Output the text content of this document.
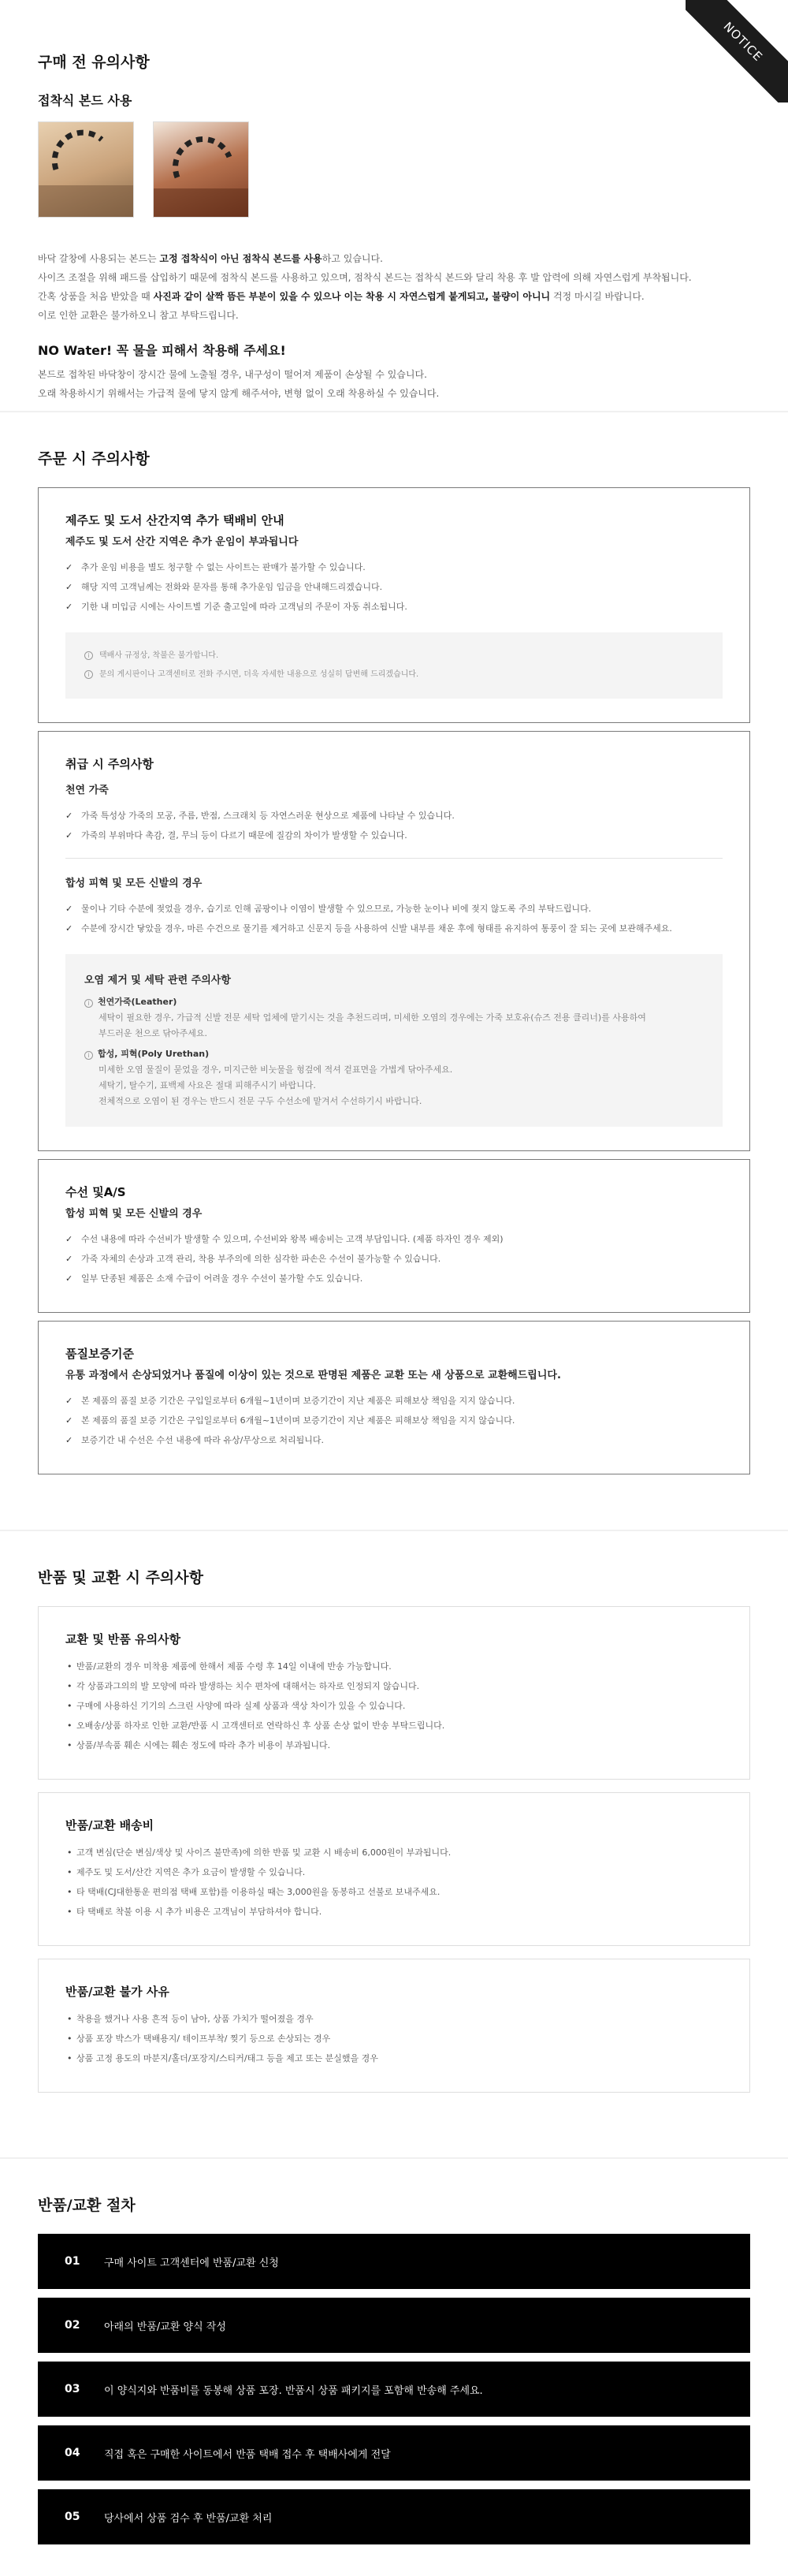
NOTICE
구매 전 유의사항
접착식 본드 사용
바닥 갈창에 사용되는 본드는 고정 접착식이 아닌 점착식 본드를 사용하고 있습니다.
사이즈 조절을 위해 패드를 삽입하기 때문에 점착식 본드를 사용하고 있으며, 점착식 본드는 접착식 본드와 달리 착용 후 발 압력에 의해 자연스럽게 부착됩니다.
간혹 상품을 처음 받았을 때 사진과 같이 살짝 뜸든 부분이 있을 수 있으나 이는 착용 시 자연스럽게 붙게되고, 불량이 아니니 걱정 마시길 바랍니다.
이로 인한 교환은 불가하오니 참고 부탁드립니다.
NO Water! 꼭 물을 피해서 착용해 주세요!
본드로 접착된 바닥창이 장시간 물에 노출될 경우, 내구성이 떨어져 제품이 손상될 수 있습니다.
오래 착용하시기 위해서는 가급적 물에 닿지 않게 해주셔야, 변형 없이 오래 착용하실 수 있습니다.
주문 시 주의사항
제주도 및 도서 산간지역 추가 택배비 안내
제주도 및 도서 산간 지역은 추가 운임이 부과됩니다
✓ 추가 운임 비용을 별도 청구할 수 없는 사이트는 판매가 불가할 수 있습니다.
✓ 해당 지역 고객님께는 전화와 문자를 통해 추가운임 입금을 안내해드리겠습니다.
✓ 기한 내 미입금 시에는 사이트별 기준 출고일에 따라 고객님의 주문이 자동 취소됩니다.
i	택배사 규정상, 착불은 불가합니다.
i	문의 게시판이나 고객센터로 전화 주시면, 더욱 자세한 내용으로 성실히 답변해 드리겠습니다.
취급 시 주의사항
천연 가죽
✓ 가죽 특성상 가죽의 모공, 주름, 반점, 스크래치 등 자연스러운 현상으로 제품에 나타날 수 있습니다.
✓ 가죽의 부위마다 촉감, 결, 무늬 등이 다르기 때문에 질감의 차이가 발생할 수 있습니다.
합성 피혁 및 모든 신발의 경우
✓ 물이나 기타 수분에 젖었을 경우, 습기로 인해 곰팡이나 이염이 발생할 수 있으므로, 가능한 눈이나 비에 젖지 않도록 주의 부탁드립니다.
✓ 수분에 장시간 닿았을 경우, 마른 수건으로 물기를 제거하고 신문지 등을 사용하여 신발 내부를 채운 후에 형태를 유지하여 통풍이 잘 되는 곳에 보관해주세요.
오염 제거 및 세탁 관련 주의사항
i 천연가죽(Leather)
세탁이 필요한 경우, 가급적 신발 전문 세탁 업체에 맡기시는 것을 추천드리며, 미세한 오염의 경우에는 가죽 보호유(슈즈 전용 클리너)를 사용하여
부드러운 천으로 닦아주세요.
i 합성, 피혁(Poly Urethan)
미세한 오염 물질이 묻었을 경우, 미지근한 비눗물을 헝겊에 적셔 겉표면을 가볍게 닦아주세요.
세탁기, 탈수기, 표백제 사요은 절대 피해주시기 바랍니다.
전체적으로 오염이 된 경우는 반드시 전문 구두 수선소에 맡겨서 수선하기시 바랍니다.
수선 및A/S
합성 피혁 및 모든 신발의 경우
✓ 수선 내용에 따라 수선비가 발생할 수 있으며, 수선비와 왕복 배송비는 고객 부담입니다. (제품 하자인 경우 제외)
✓ 가죽 자체의 손상과 고객 관리, 착용 부주의에 의한 심각한 파손은 수선이 불가능할 수 있습니다.
✓ 일부 단종된 제품은 소재 수급이 어려울 경우 수선이 불가할 수도 있습니다.
품질보증기준
유통 과정에서 손상되었거나 품질에 이상이 있는 것으로 판명된 제품은 교환 또는 새 상품으로 교환해드립니다.
✓ 본 제품의 품질 보증 기간은 구입일로부터 6개월~1년이며 보증기간이 지난 제품은 피해보상 책임을 지지 않습니다.
✓ 본 제품의 품질 보증 기간은 구입일로부터 6개월~1년이며 보증기간이 지난 제품은 피해보상 책임을 지지 않습니다.
✓ 보증기간 내 수선은 수선 내용에 따라 유상/무상으로 처리됩니다.
반품 및 교환 시 주의사항
교환 및 반품 유의사항
• 반품/교환의 경우 미착용 제품에 한해서 제품 수령 후 14일 이내에 반송 가능합니다.
• 각 상품과그의의 발 모양에 따라 발생하는 치수 편차에 대해서는 하자로 인정되지 않습니다.
• 구매에 사용하신 기기의 스크린 사양에 따라 실제 상품과 색상 차이가 있을 수 있습니다.
• 오배송/상품 하자로 인한 교환/반품 시 고객센터로 연락하신 후 상품 손상 없이 반송 부탁드립니다.
• 상품/부속품 훼손 시에는 훼손 정도에 따라 추가 비용이 부과됩니다.
반품/교환 배송비
• 고객 변심(단순 변심/색상 및 사이즈 불만족)에 의한 반품 및 교환 시 배송비 6,000원이 부과됩니다.
• 제주도 및 도서/산간 지역은 추가 요금이 발생할 수 있습니다.
• 타 택배(CJ대한통운 편의점 택배 포함)를 이용하실 때는 3,000원을 동봉하고 선불로 보내주세요.
• 타 택배로 착불 이용 시 추가 비용은 고객님이 부담하셔야 합니다.
반품/교환 불가 사유
• 착용을 했거나 사용 흔적 등이 남아, 상품 가치가 떨어졌을 경우
• 상품 포장 박스가 택배용지/ 테이프부착/ 찢기 등으로 손상되는 경우
• 상품 고정 용도의 마분지/홀더/포장지/스티커/태그 등을 제고 또는 분실했을 경우
반품/교환 절차
01	구매 사이트 고객센터에 반품/교환 신청
02	아래의 반품/교환 양식 작성
03	이 양식지와 반품비를 동봉해 상품 포장. 반품시 상품 패키지를 포함해 반송해 주세요.
04	직접 혹은 구매한 사이트에서 반품 택배 접수 후 택배사에게 전달
05	당사에서 상품 검수 후 반품/교환 처리
